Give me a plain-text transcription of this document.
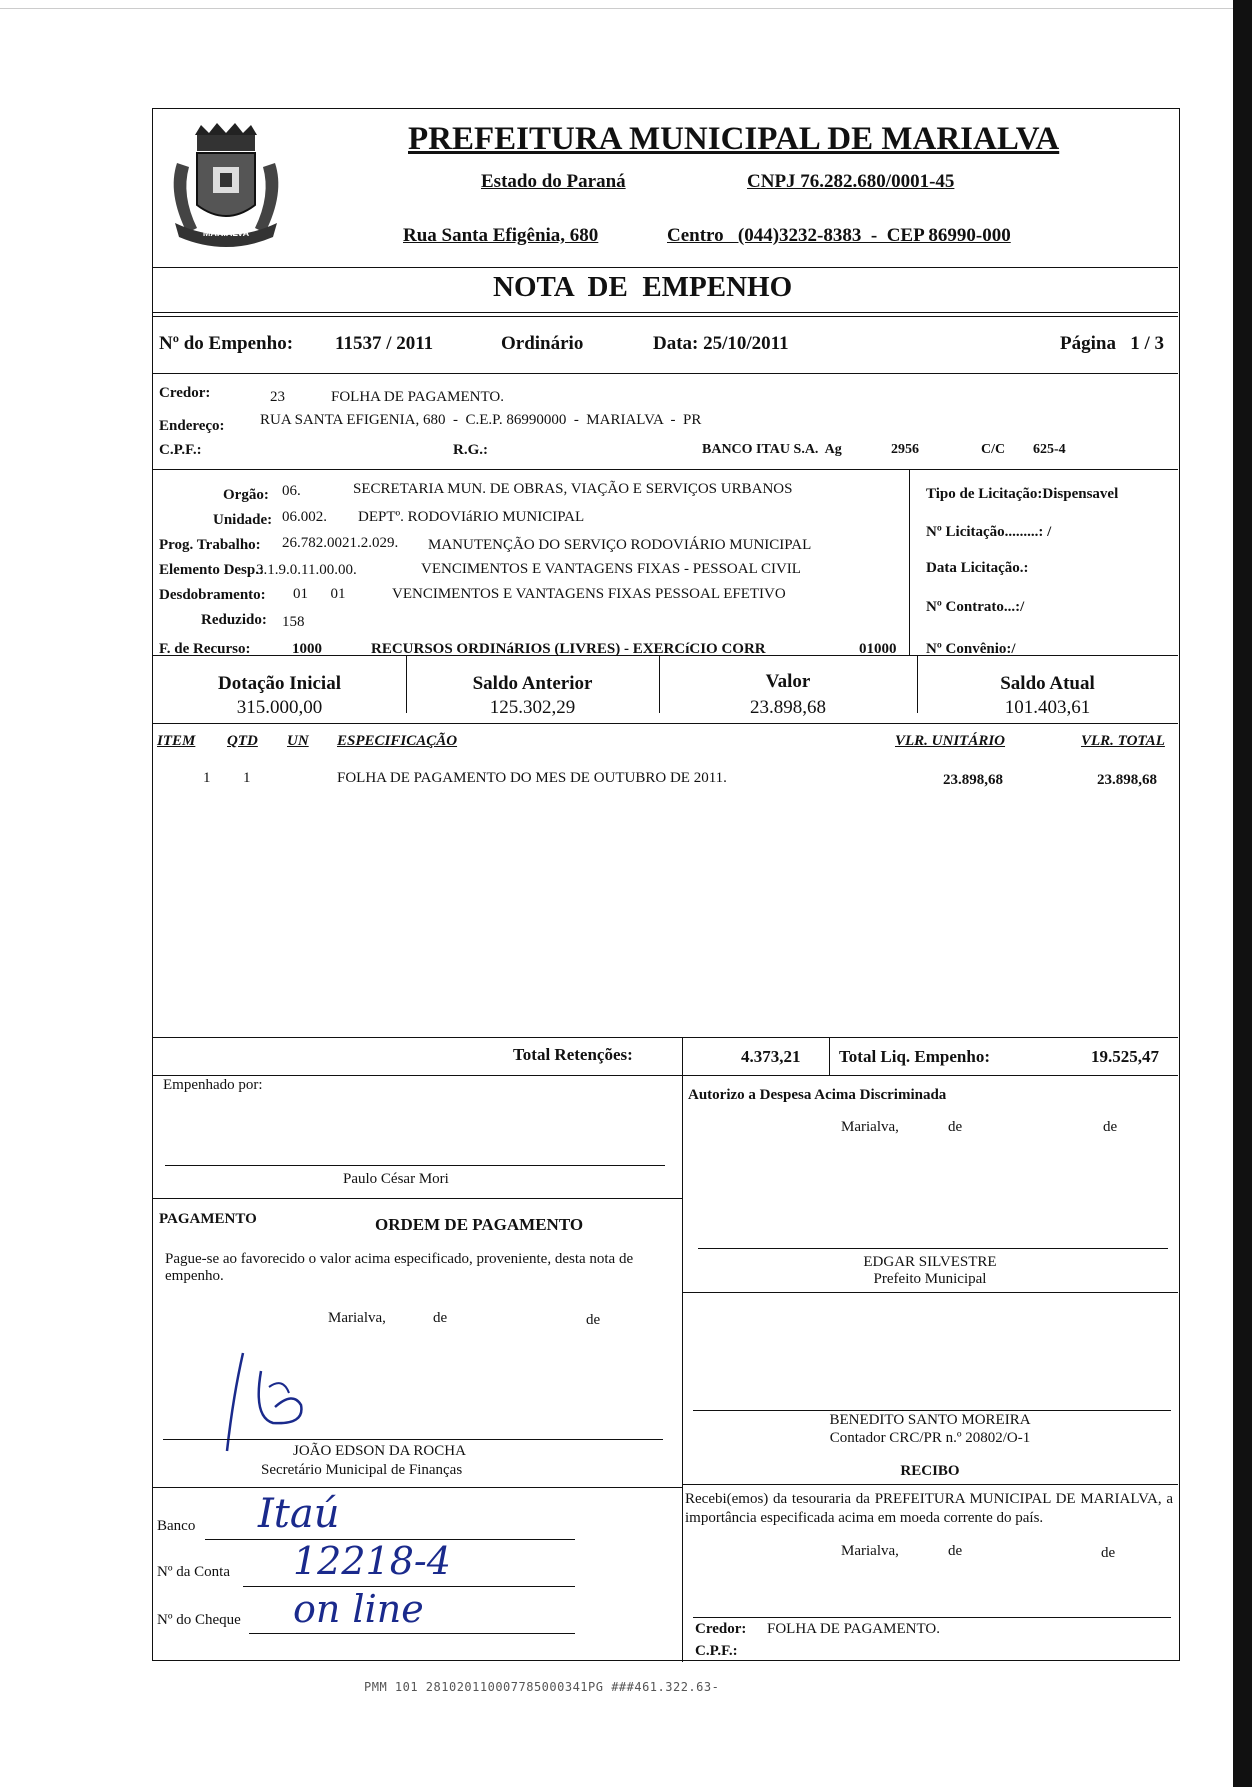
MARIALVA
PREFEITURA MUNICIPAL DE MARIALVA
Estado do Paraná	CNPJ 76.282.680/0001-45
Rua Santa Efigênia, 680	Centro   (044)3232-8383  -  CEP 86990-000
NOTA  DE  EMPENHO
Nº do Empenho: 11537 / 2011	Ordinário	Data: 25/10/2011	Página   1 / 3
Credor:	23	FOLHA DE PAGAMENTO.
Endereço: RUA SANTA EFIGENIA, 680  -  C.E.P. 86990000  -  MARIALVA  -  PR
C.P.F.:	R.G.:	BANCO ITAU S.A.  Ag	2956	C/C 625-4
Orgão: 06.	SECRETARIA MUN. DE OBRAS, VIAÇÃO E SERVIÇOS URBANOS
Unidade: 06.002. DEPTº. RODOVIáRIO MUNICIPAL
Prog. Trabalho: 26.782.0021.2.029. MANUTENÇÃO DO SERVIÇO RODOVIÁRIO MUNICIPAL
Elemento Desp.:
3.1.9.0.11.00.00.	VENCIMENTOS E VANTAGENS FIXAS - PESSOAL CIVIL
Desdobramento: 01      01	VENCIMENTOS E VANTAGENS FIXAS PESSOAL EFETIVO
Reduzido: 158
F. de Recurso:	1000	RECURSOS ORDINáRIOS (LIVRES) - EXERCíCIO CORR	01000
Tipo de Licitação:Dispensavel
Nº Licitação.........: /
Data Licitação.:
Nº Contrato...:/
Nº Convênio:/
Dotação Inicial
315.000,00
Saldo Anterior
125.302,29
Valor
23.898,68
Saldo Atual
101.403,61
ITEM QTD UN ESPECIFICAÇÃO	VLR. UNITÁRIO	VLR. TOTAL
1 1	FOLHA DE PAGAMENTO DO MES DE OUTUBRO DE 2011.	23.898,68	23.898,68
Total Retenções:	4.373,21 Total Liq. Empenho:	19.525,47
Empenhado por:
Paulo César Mori
Autorizo a Despesa Acima Discriminada
Marialva,	de	de
PAGAMENTO	ORDEM DE PAGAMENTO
Pague-se ao favorecido o valor acima especificado, proveniente, desta nota de empenho.
Marialva,	de	de
JOÃO EDSON DA ROCHA
Secretário Municipal de Finanças
EDGAR SILVESTRE
Prefeito Municipal
BENEDITO SANTO MOREIRA
Contador CRC/PR n.º 20802/O-1
RECIBO
Banco Itaú
Nº da Conta 12218-4
Nº do Cheque on line
Recebi(emos) da tesouraria da PREFEITURA MUNICIPAL DE MARIALVA, a importância especificada acima em moeda corrente do país.
Marialva,	de	de
Credor: FOLHA DE PAGAMENTO.
C.P.F.:
PMM 101 281020110007785000341PG ###461.322.63-
